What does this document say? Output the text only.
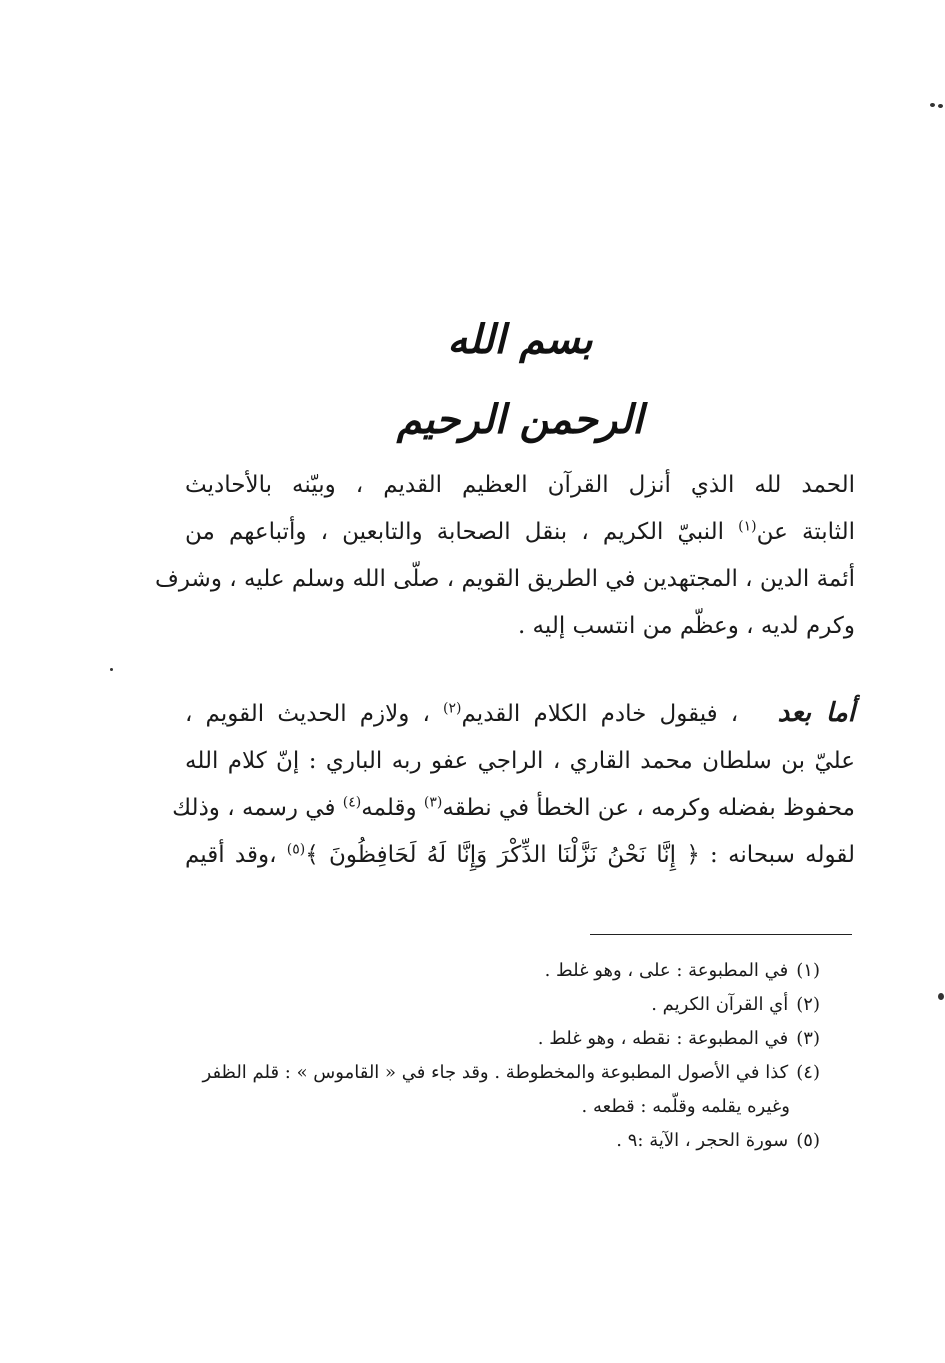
بسم الله الرحمن الرحيم
الحمد لله الذي أنزل القرآن العظيم القديم ، وبيّنه بالأحاديث
الثابتة عن$^{(١)}$ النبيّ الكريم ، بنقل الصحابة والتابعين ، وأتباعهم من
أئمة الدين ، المجتهدين في الطريق القويم ، صلّى الله وسلم عليه ، وشرف
وكرم لديه ، وعظّم من انتسب إليه .
أما بعد   ، فيقول خادم الكلام القديم$^{(٢)}$ ، ولازم الحديث القويم ،
عليّ بن سلطان محمد القاري ، الراجي عفو ربه الباري : إنّ كلام الله
محفوظ بفضله وكرمه ، عن الخطأ في نطقه$^{(٣)}$ وقلمه$^{(٤)}$ في رسمه ، وذلك
لقوله سبحانه : ﴿ إِنَّا نَحْنُ نَزَّلْنَا الذِّكْرَ وَإِنَّا لَهُ لَحَافِظُونَ ﴾$^{(٥)}$ ،وقد أقيم
(١)في المطبوعة : على ، وهو غلط .
(٢)أي القرآن الكريم .
(٣)في المطبوعة : نقطه ، وهو غلط .
(٤)كذا في الأصول المطبوعة والمخطوطة . وقد جاء في « القاموس » : قلم الظفر
وغيره يقلمه وقلّمه : قطعه .
(٥)سورة الحجر ، الآية :٩ .
